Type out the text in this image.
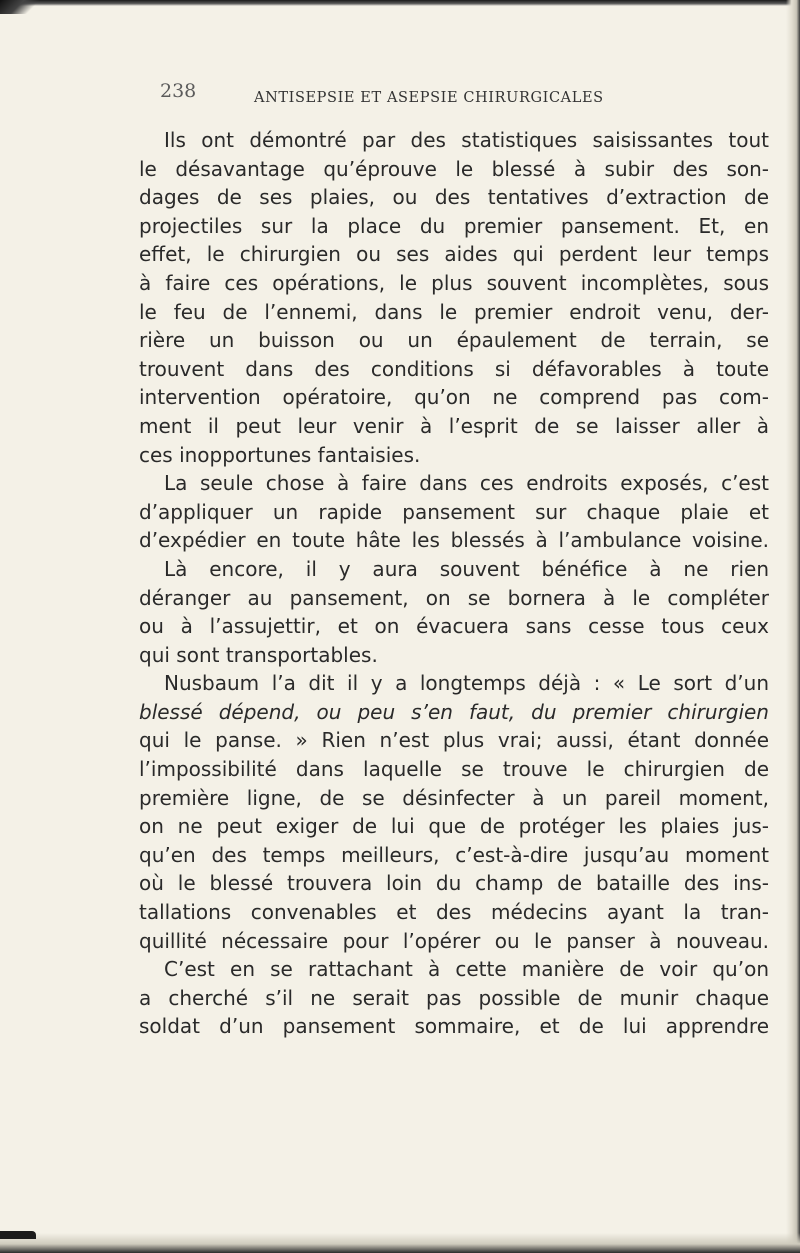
238	ANTISEPSIE ET ASEPSIE CHIRURGICALES
Ils ont démontré par des statistiques saisissantes tout
le désavantage qu’éprouve le blessé à subir des son-
dages de ses plaies, ou des tentatives d’extraction de
projectiles sur la place du premier pansement. Et, en
effet, le chirurgien ou ses aides qui perdent leur temps
à faire ces opérations, le plus souvent incomplètes, sous
le feu de l’ennemi, dans le premier endroit venu, der-
rière un buisson ou un épaulement de terrain, se
trouvent dans des conditions si défavorables à toute
intervention opératoire, qu’on ne comprend pas com-
ment il peut leur venir à l’esprit de se laisser aller à
ces inopportunes fantaisies.
La seule chose à faire dans ces endroits exposés, c’est
d’appliquer un rapide pansement sur chaque plaie et
d’expédier en toute hâte les blessés à l’ambulance voisine.
Là encore, il y aura souvent bénéfice à ne rien
déranger au pansement, on se bornera à le compléter
ou à l’assujettir, et on évacuera sans cesse tous ceux
qui sont transportables.
Nusbaum l’a dit il y a longtemps déjà : « Le sort d’un
blessé dépend, ou peu s’en faut, du premier chirurgien
qui le panse. » Rien n’est plus vrai; aussi, étant donnée
l’impossibilité dans laquelle se trouve le chirurgien de
première ligne, de se désinfecter à un pareil moment,
on ne peut exiger de lui que de protéger les plaies jus-
qu’en des temps meilleurs, c’est-à-dire jusqu’au moment
où le blessé trouvera loin du champ de bataille des ins-
tallations convenables et des médecins ayant la tran-
quillité nécessaire pour l’opérer ou le panser à nouveau.
C’est en se rattachant à cette manière de voir qu’on
a cherché s’il ne serait pas possible de munir chaque
soldat d’un pansement sommaire, et de lui apprendre
